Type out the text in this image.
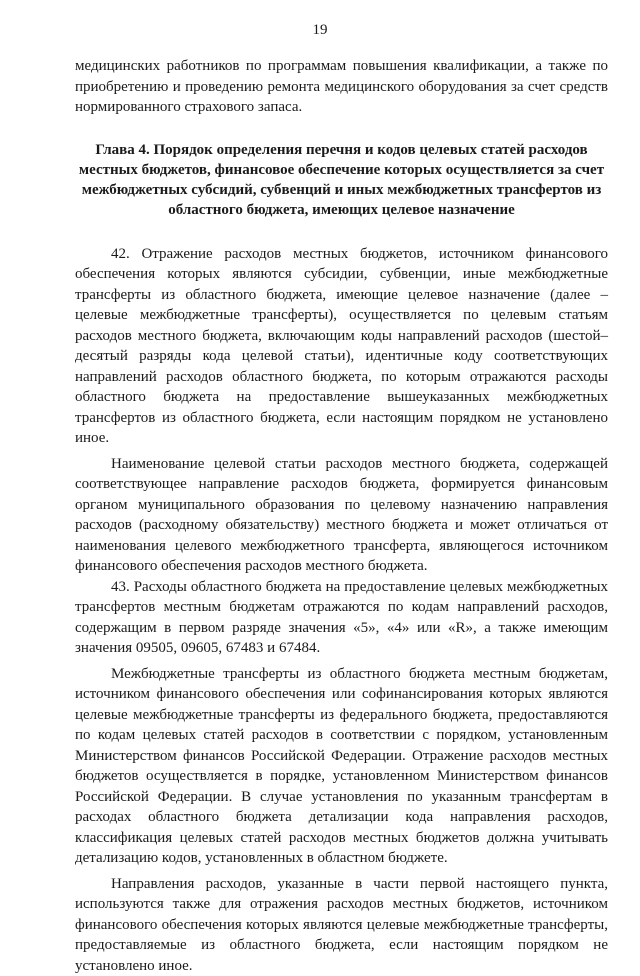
19

медицинских работников по программам повышения квалификации, а также по приобретению и проведению ремонта медицинского оборудования за счет средств нормированного страхового запаса.

Глава 4. Порядок определения перечня и кодов целевых статей расходов местных бюджетов, финансовое обеспечение которых осуществляется за счет межбюджетных субсидий, субвенций и иных межбюджетных трансфертов из областного бюджета, имеющих целевое назначение

42. Отражение расходов местных бюджетов, источником финансового обеспечения которых являются субсидии, субвенции, иные межбюджетные трансферты из областного бюджета, имеющие целевое назначение (далее – целевые межбюджетные трансферты), осуществляется по целевым статьям расходов местного бюджета, включающим коды направлений расходов (шестой–десятый разряды кода целевой статьи), идентичные коду соответствующих направлений расходов областного бюджета, по которым отражаются расходы областного бюджета на предоставление вышеуказанных межбюджетных трансфертов из областного бюджета, если настоящим порядком не установлено иное.

Наименование целевой статьи расходов местного бюджета, содержащей соответствующее направление расходов бюджета, формируется финансовым органом муниципального образования по целевому назначению направления расходов (расходному обязательству) местного бюджета и может отличаться от наименования целевого межбюджетного трансферта, являющегося источником финансового обеспечения расходов местного бюджета.

43. Расходы областного бюджета на предоставление целевых межбюджетных трансфертов местным бюджетам отражаются по кодам направлений расходов, содержащим в первом разряде значения «5», «4» или «R», а также имеющим значения 09505, 09605, 67483 и 67484.

Межбюджетные трансферты из областного бюджета местным бюджетам, источником финансового обеспечения или софинансирования которых являются целевые межбюджетные трансферты из федерального бюджета, предоставляются по кодам целевых статей расходов в соответствии с порядком, установленным Министерством финансов Российской Федерации. Отражение расходов местных бюджетов осуществляется в порядке, установленном Министерством финансов Российской Федерации. В случае установления по указанным трансфертам в расходах областного бюджета детализации кода направления расходов, классификация целевых статей расходов местных бюджетов должна учитывать детализацию кодов, установленных в областном бюджете.

Направления расходов, указанные в части первой настоящего пункта, используются также для отражения расходов местных бюджетов, источником финансового обеспечения которых являются целевые межбюджетные трансферты, предоставляемые из областного бюджета, если настоящим порядком не установлено иное.
